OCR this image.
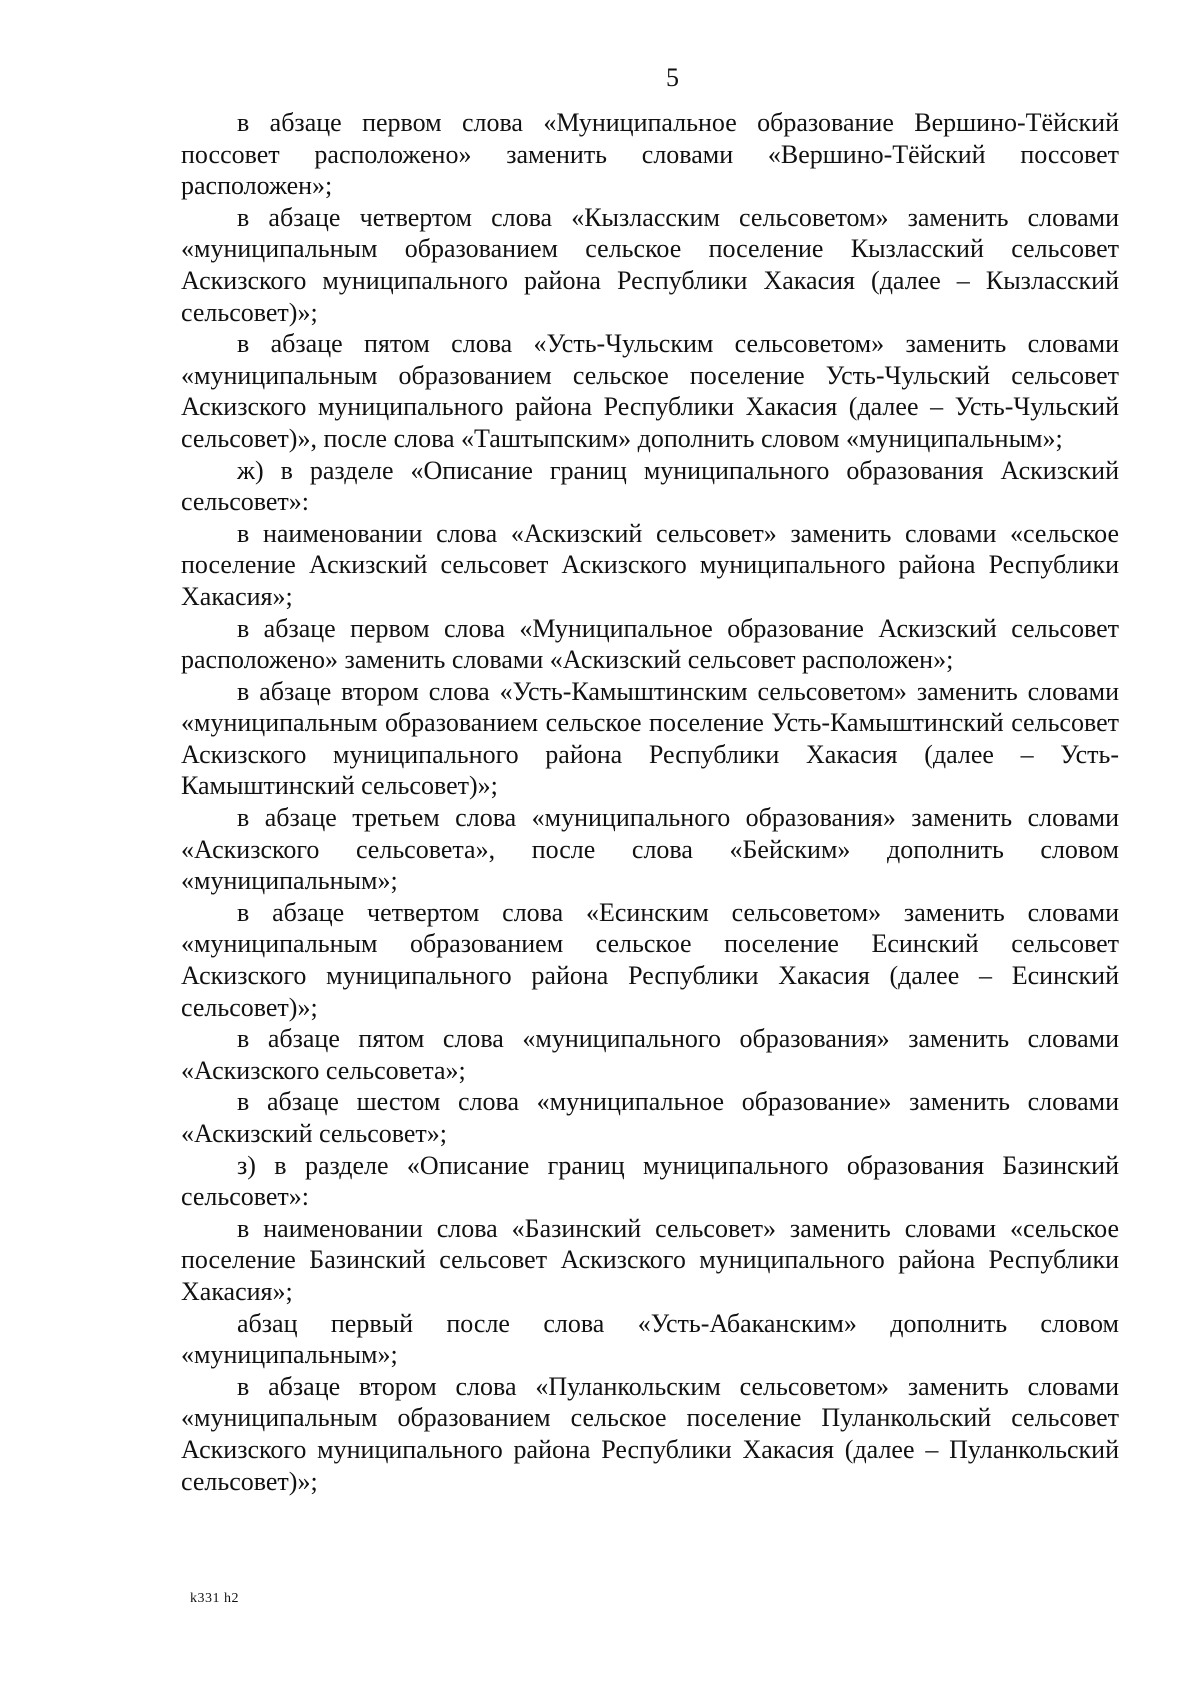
5

в абзаце первом слова «Муниципальное образование Вершино-Тёйский поссовет расположено» заменить словами «Вершино-Тёйский поссовет расположен»;

в абзаце четвертом слова «Кызласским сельсоветом» заменить словами «муниципальным образованием сельское поселение Кызласский сельсовет Аскизского муниципального района Республики Хакасия (далее – Кызласский сельсовет)»;

в абзаце пятом слова «Усть-Чульским сельсоветом» заменить словами «муниципальным образованием сельское поселение Усть-Чульский сельсовет Аскизского муниципального района Республики Хакасия (далее – Усть-Чульский сельсовет)», после слова «Таштыпским» дополнить словом «муниципальным»;

ж) в разделе «Описание границ муниципального образования Аскизский сельсовет»:

в наименовании слова «Аскизский сельсовет» заменить словами «сельское поселение Аскизский сельсовет Аскизского муниципального района Республики Хакасия»;

в абзаце первом слова «Муниципальное образование Аскизский сельсовет расположено» заменить словами «Аскизский сельсовет расположен»;

в абзаце втором слова «Усть-Камыштинским сельсоветом» заменить словами «муниципальным образованием сельское поселение Усть-Камыштинский сельсовет Аскизского муниципального района Республики Хакасия (далее – Усть-Камыштинский сельсовет)»;

в абзаце третьем слова «муниципального образования» заменить словами «Аскизского сельсовета», после слова «Бейским» дополнить словом «муниципальным»;

в абзаце четвертом слова «Есинским сельсоветом» заменить словами «муниципальным образованием сельское поселение Есинский сельсовет Аскизского муниципального района Республики Хакасия (далее – Есинский сельсовет)»;

в абзаце пятом слова «муниципального образования» заменить словами «Аскизского сельсовета»;

в абзаце шестом слова «муниципальное образование» заменить словами «Аскизский сельсовет»;

з) в разделе «Описание границ муниципального образования Базинский сельсовет»:

в наименовании слова «Базинский сельсовет» заменить словами «сельское поселение Базинский сельсовет Аскизского муниципального района Республики Хакасия»;

абзац первый после слова «Усть-Абаканским» дополнить словом «муниципальным»;

в абзаце втором слова «Пуланкольским сельсоветом» заменить словами «муниципальным образованием сельское поселение Пуланкольский сельсовет Аскизского муниципального района Республики Хакасия (далее – Пуланкольский сельсовет)»;

k331 h2
